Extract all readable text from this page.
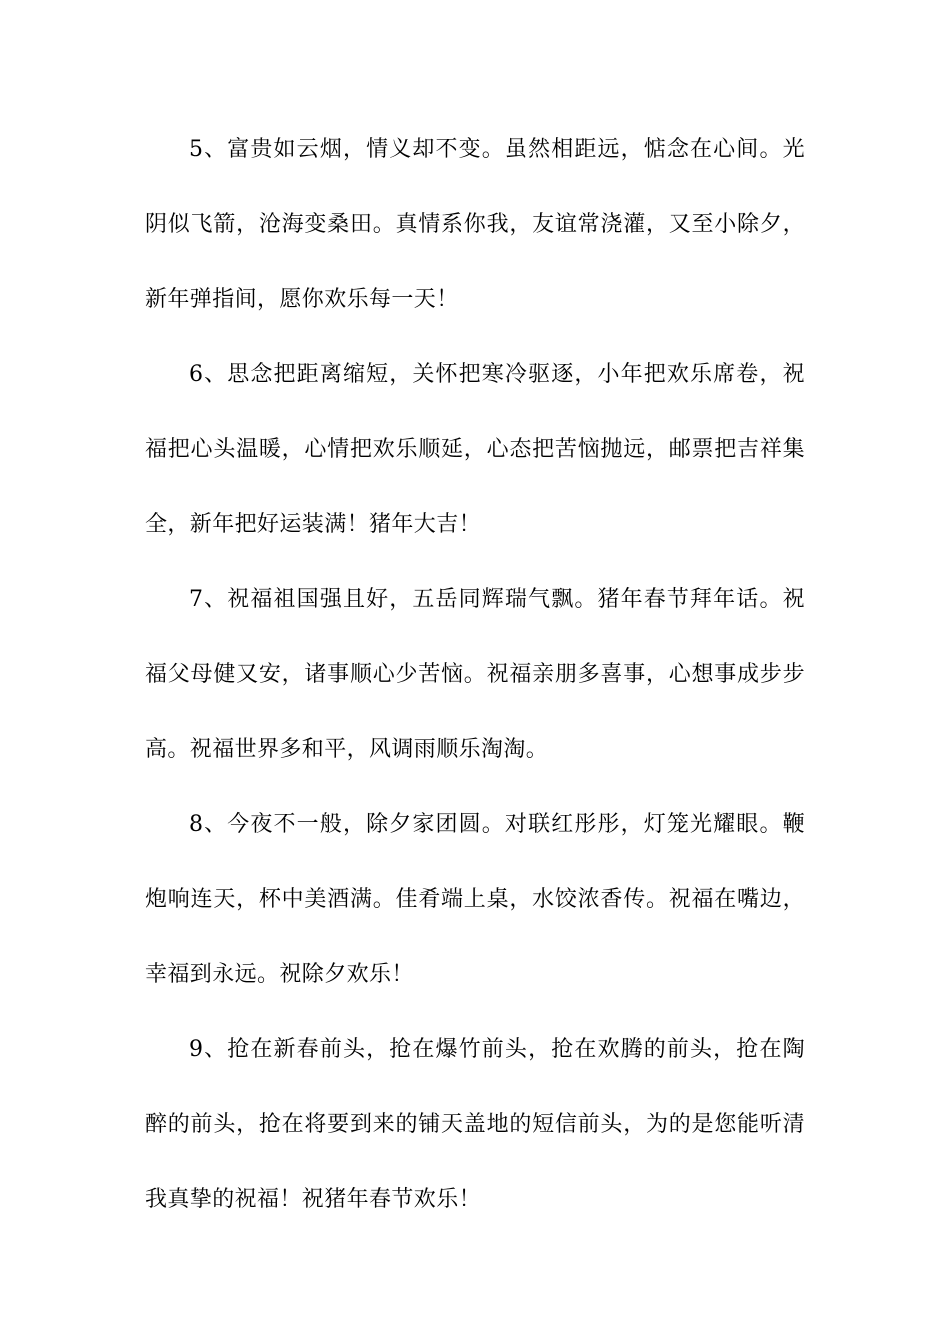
5、富贵如云烟，情义却不变。虽然相距远，惦念在心间。光阴似飞箭，沧海变桑田。真情系你我，友谊常浇灌，又至小除夕，新年弹指间，愿你欢乐每一天！

6、思念把距离缩短，关怀把寒冷驱逐，小年把欢乐席卷，祝福把心头温暖，心情把欢乐顺延，心态把苦恼抛远，邮票把吉祥集全，新年把好运装满！猪年大吉！

7、祝福祖国强且好，五岳同辉瑞气飘。猪年春节拜年话。祝福父母健又安，诸事顺心少苦恼。祝福亲朋多喜事，心想事成步步高。祝福世界多和平，风调雨顺乐淘淘。

8、今夜不一般，除夕家团圆。对联红彤彤，灯笼光耀眼。鞭炮响连天，杯中美酒满。佳肴端上桌，水饺浓香传。祝福在嘴边，幸福到永远。祝除夕欢乐！

9、抢在新春前头，抢在爆竹前头，抢在欢腾的前头，抢在陶醉的前头，抢在将要到来的铺天盖地的短信前头，为的是您能听清我真挚的祝福！祝猪年春节欢乐！
